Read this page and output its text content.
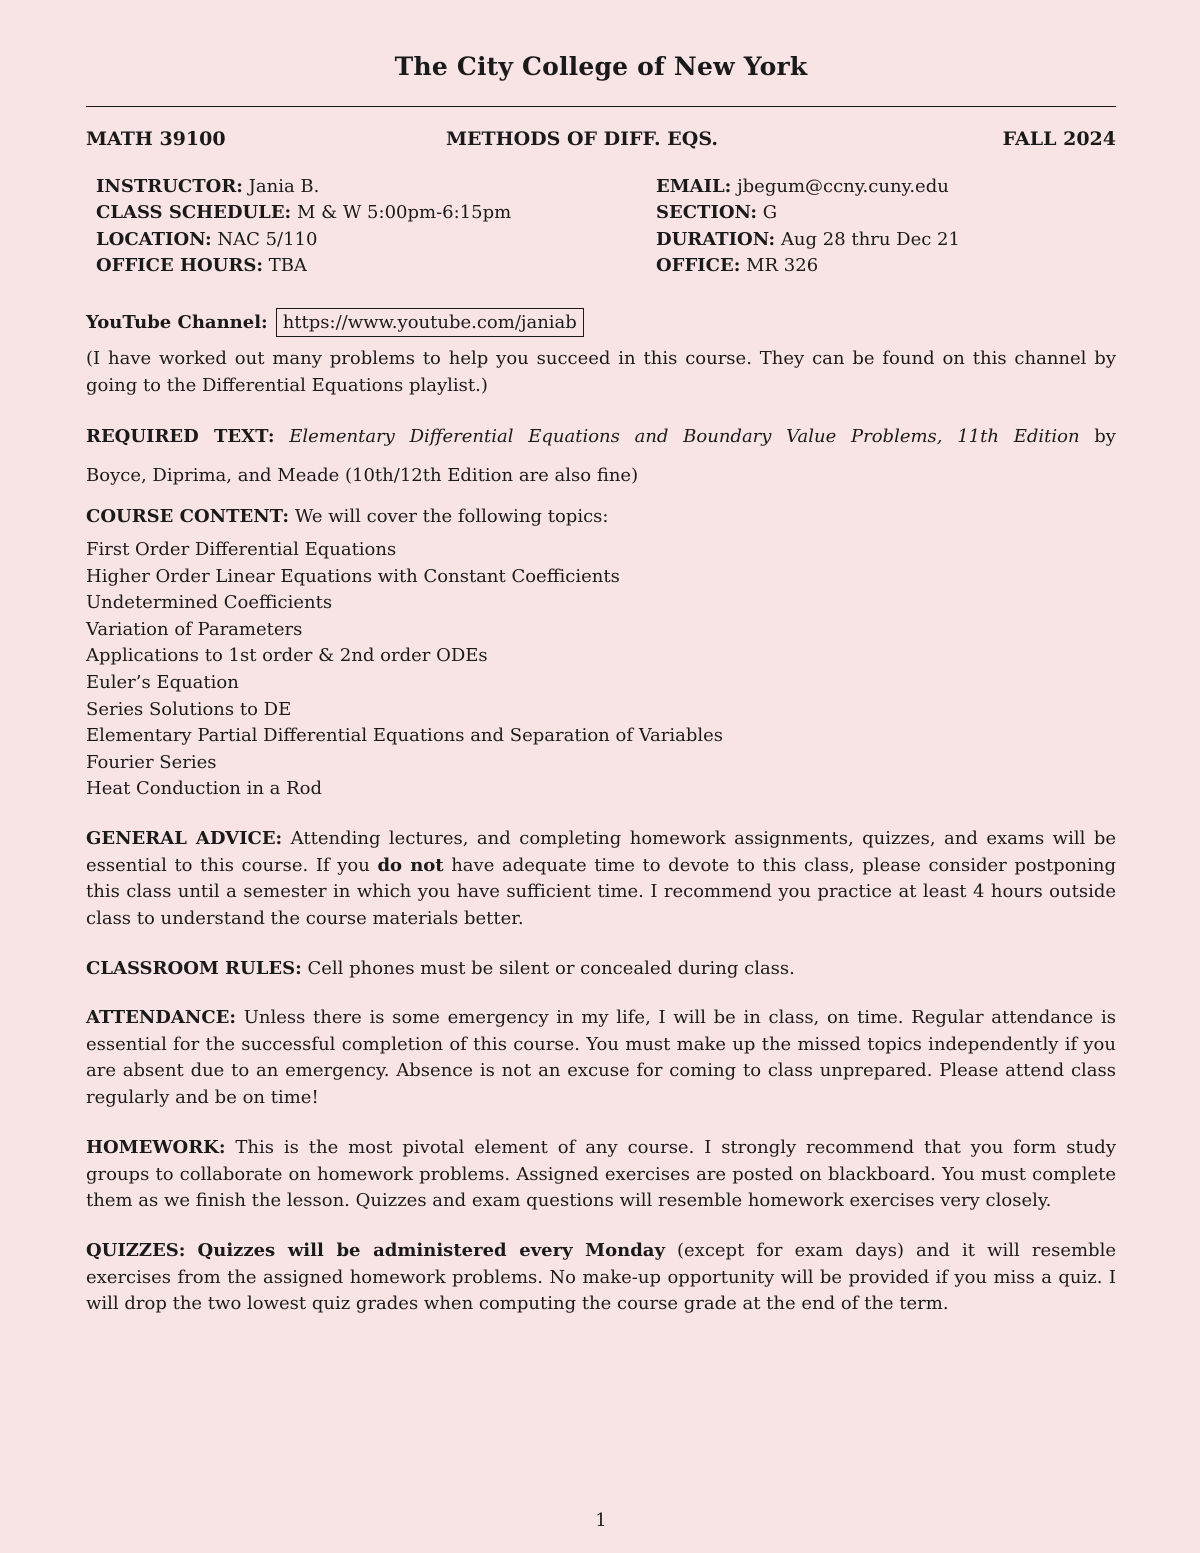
The City College of New York
MATH 39100	METHODS OF DIFF. EQS.	FALL 2024
INSTRUCTOR: Jania B.
CLASS SCHEDULE: M & W 5:00pm-6:15pm
LOCATION: NAC 5/110
OFFICE HOURS: TBA
EMAIL: jbegum@ccny.cuny.edu
SECTION: G
DURATION: Aug 28 thru Dec 21
OFFICE: MR 326
YouTube Channel: https://www.youtube.com/janiab
(I have worked out many problems to help you succeed in this course. They can be found on this channel by going to the Differential Equations playlist.)
REQUIRED TEXT: Elementary Differential Equations and Boundary Value Problems, 11th Edition by
Boyce, Diprima, and Meade (10th/12th Edition are also fine)
COURSE CONTENT: We will cover the following topics:
First Order Differential Equations
Higher Order Linear Equations with Constant Coefficients
Undetermined Coefficients
Variation of Parameters
Applications to 1st order & 2nd order ODEs
Euler’s Equation
Series Solutions to DE
Elementary Partial Differential Equations and Separation of Variables
Fourier Series
Heat Conduction in a Rod
GENERAL ADVICE: Attending lectures, and completing homework assignments, quizzes, and exams will be essential to this course. If you do not have adequate time to devote to this class, please consider postponing this class until a semester in which you have sufficient time. I recommend you practice at least 4 hours outside class to understand the course materials better.
CLASSROOM RULES: Cell phones must be silent or concealed during class.
ATTENDANCE: Unless there is some emergency in my life, I will be in class, on time. Regular attendance is essential for the successful completion of this course. You must make up the missed topics independently if you are absent due to an emergency. Absence is not an excuse for coming to class unprepared. Please attend class regularly and be on time!
HOMEWORK: This is the most pivotal element of any course. I strongly recommend that you form study groups to collaborate on homework problems. Assigned exercises are posted on blackboard. You must complete them as we finish the lesson. Quizzes and exam questions will resemble homework exercises very closely.
QUIZZES: Quizzes will be administered every Monday (except for exam days) and it will resemble exercises from the assigned homework problems. No make-up opportunity will be provided if you miss a quiz. I will drop the two lowest quiz grades when computing the course grade at the end of the term.
1
